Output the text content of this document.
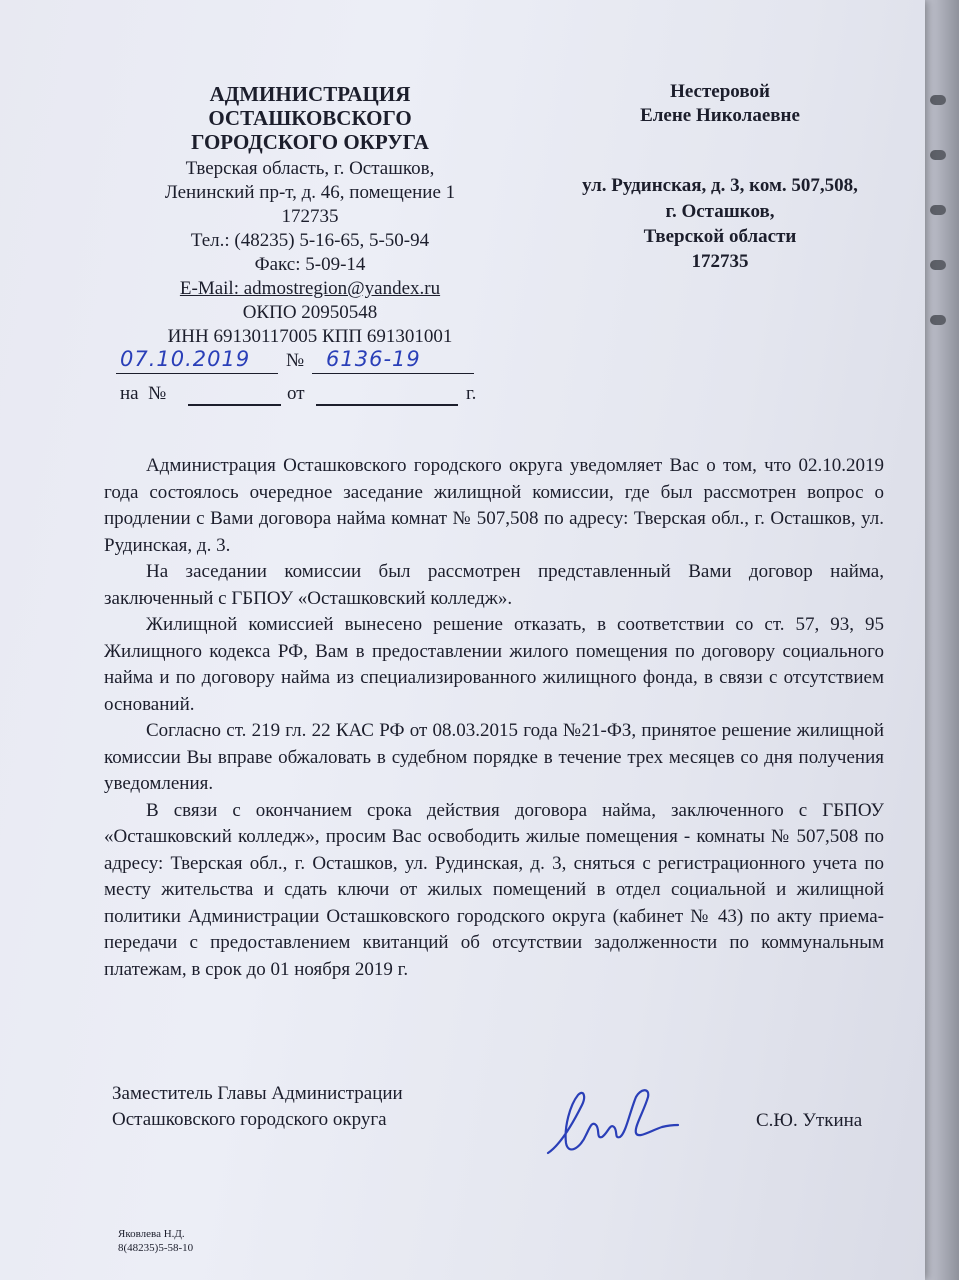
АДМИНИСТРАЦИЯ
ОСТАШКОВСКОГО
ГОРОДСКОГО ОКРУГА
Тверская область, г. Осташков,
Ленинский пр-т, д. 46, помещение 1
172735
Тел.: (48235) 5-16-65, 5-50-94
Факс: 5-09-14
E-Mail: admostregion@yandex.ru
ОКПО 20950548
ИНН 69130117005 КПП 691301001
07.10.2019 № 6136-19
на  №	от	г.
Нестеровой
Елене Николаевне
ул. Рудинская, д. 3, ком. 507,508,
г. Осташков,
Тверской области
172735

Администрация Осташковского городского округа уведомляет Вас о том, что 02.10.2019 года состоялось очередное заседание жилищной комиссии, где был рассмотрен вопрос о продлении с Вами договора найма комнат № 507,508 по адресу: Тверская обл., г. Осташков, ул. Рудинская, д. 3.

На заседании комиссии был рассмотрен представленный Вами договор найма, заключенный с ГБПОУ «Осташковский колледж».

Жилищной комиссией вынесено решение отказать, в соответствии со ст. 57, 93, 95 Жилищного кодекса РФ, Вам в предоставлении жилого помещения по договору социального найма и по договору найма из специализированного жилищного фонда, в связи с отсутствием оснований.

Согласно ст. 219 гл. 22 КАС РФ от 08.03.2015 года №21-ФЗ, принятое решение жилищной комиссии Вы вправе обжаловать в судебном порядке в течение трех месяцев со дня получения уведомления.

В связи с окончанием срока действия договора найма, заключенного с ГБПОУ «Осташковский колледж», просим Вас освободить жилые помещения - комнаты № 507,508 по адресу: Тверская обл., г. Осташков, ул. Рудинская, д. 3, сняться с регистрационного учета по месту жительства и сдать ключи от жилых помещений в отдел социальной и жилищной политики Администрации Осташковского городского округа (кабинет № 43) по акту приема-передачи с предоставлением квитанций об отсутствии задолженности по коммунальным платежам, в срок до 01 ноября 2019 г.

Заместитель Главы Администрации
Осташковского городского округа	С.Ю. Уткина
Яковлева Н.Д.
8(48235)5-58-10
